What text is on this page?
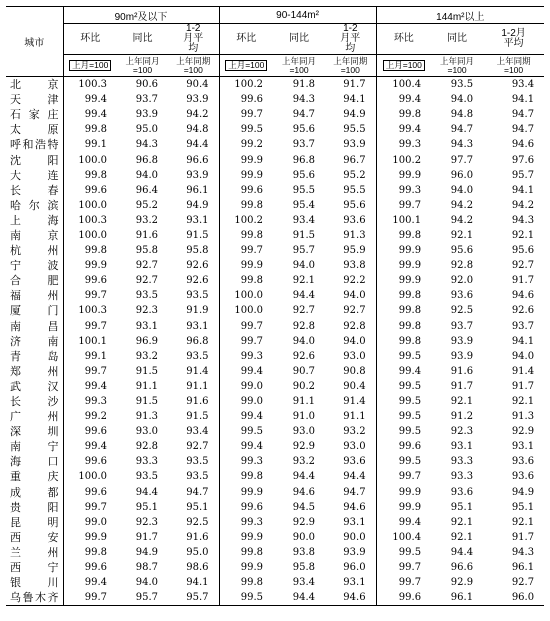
城市	90m²及以下			90-144m²			144m²以上		
	环比	同比	1-2月平均	环比	同比	1-2月平均	环比	同比	1-2月平均
	上月=100	上年同月=100	上年同期=100	上月=100	上年同月=100	上年同期=100	上月=100	上年同月=100	上年同期=100
北京	100.3	90.6	90.4	100.2	91.8	91.7	100.4	93.5	93.4
天津	99.4	93.7	93.9	99.6	94.3	94.1	99.4	94.0	94.1
石家庄	99.4	93.9	94.2	99.7	94.7	94.9	99.8	94.8	94.7
太原	99.8	95.0	94.8	99.5	95.6	95.5	99.4	94.7	94.7
呼和浩特	99.1	94.3	94.4	99.2	93.7	93.9	99.3	94.3	94.6
沈阳	100.0	96.8	96.6	99.9	96.8	96.7	100.2	97.7	97.6
大连	99.8	94.0	93.9	99.9	95.6	95.2	99.9	96.0	95.7
长春	99.6	96.4	96.1	99.6	95.5	95.5	99.3	94.0	94.1
哈尔滨	100.0	95.2	94.9	99.8	95.4	95.6	99.7	94.2	94.2
上海	100.3	93.2	93.1	100.2	93.4	93.6	100.1	94.2	94.3
南京	100.0	91.6	91.5	99.8	91.5	91.3	99.8	92.1	92.1
杭州	99.8	95.8	95.8	99.7	95.7	95.9	99.9	95.6	95.6
宁波	99.9	92.7	92.6	99.9	94.0	93.8	99.9	92.8	92.7
合肥	99.6	92.7	92.6	99.8	92.1	92.2	99.9	92.0	91.7
福州	99.7	93.5	93.5	100.0	94.4	94.0	99.8	93.6	94.6
厦门	100.3	92.3	91.9	100.0	92.7	92.7	99.8	92.5	92.6
南昌	99.7	93.1	93.1	99.7	92.8	92.8	99.8	93.7	93.7
济南	100.1	96.9	96.8	99.7	94.0	94.0	99.8	93.9	94.1
青岛	99.1	93.2	93.5	99.3	92.6	93.0	99.5	93.9	94.0
郑州	99.7	91.5	91.4	99.4	90.7	90.8	99.4	91.6	91.4
武汉	99.4	91.1	91.1	99.0	90.2	90.4	99.5	91.7	91.7
长沙	99.3	91.5	91.6	99.0	91.1	91.4	99.5	92.1	92.1
广州	99.2	91.3	91.5	99.4	91.0	91.1	99.5	91.2	91.3
深圳	99.6	93.0	93.4	99.5	93.0	93.2	99.5	92.3	92.9
南宁	99.4	92.8	92.7	99.4	92.9	93.0	99.6	93.1	93.1
海口	99.6	93.3	93.5	99.3	93.2	93.6	99.5	93.3	93.6
重庆	100.0	93.5	93.5	99.8	94.4	94.4	99.7	93.3	93.6
成都	99.6	94.4	94.7	99.9	94.6	94.7	99.9	93.6	94.9
贵阳	99.7	95.1	95.1	99.6	94.5	94.6	99.9	95.1	95.1
昆明	99.0	92.3	92.5	99.3	92.9	93.1	99.4	92.1	92.1
西安	99.9	91.7	91.6	99.9	90.0	90.0	100.4	92.1	91.7
兰州	99.8	94.9	95.0	99.8	93.8	93.9	99.5	94.4	94.3
西宁	99.6	98.7	98.6	99.9	95.8	96.0	99.7	96.6	96.1
银川	99.4	94.0	94.1	99.8	93.4	93.1	99.7	92.9	92.7
乌鲁木齐	99.7	95.7	95.7	99.5	94.4	94.6	99.6	96.1	96.0
